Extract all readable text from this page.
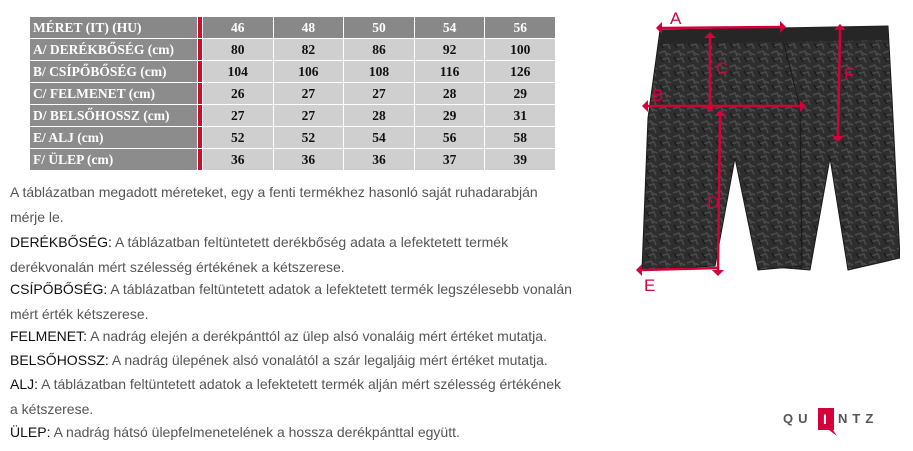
MÉRET (IT) (HU)		46	48	50	54	56
A/ DERÉKBŐSÉG (cm)		80	82	86	92	100
B/ CSÍPŐBŐSÉG (cm)		104	106	108	116	126
C/ FELMENET (cm)		26	27	27	28	29
D/ BELSŐHOSSZ (cm)		27	27	28	29	31
E/ ALJ (cm)		52	52	54	56	58
F/ ÜLEP (cm)		36	36	36	37	39
A táblázatban megadott méreteket, egy a fenti termékhez hasonló saját ruhadarabján
mérje le.
DERÉKBŐSÉG: A táblázatban feltüntetett derékbőség adata a lefektetett termék
derékvonalán mért szélesség értékének a kétszerese.
CSÍPŐBŐSÉG: A táblázatban feltüntetett adatok a lefektetett termék legszélesebb vonalán
mért érték kétszerese.
FELMENET: A nadrág elején a derékpánttól az ülep alsó vonaláig mért értéket mutatja.
BELSŐHOSSZ: A nadrág ülepének alsó vonalától a szár legaljáig mért értéket mutatja.
ALJ: A táblázatban feltüntetett adatok a lefektetett termék alján mért szélesség értékének
a kétszerese.
ÜLEP: A nadrág hátsó ülepfelmenetelének a hossza derékpánttal együtt.
A
B
C
D
E
F
QU I NTZ
